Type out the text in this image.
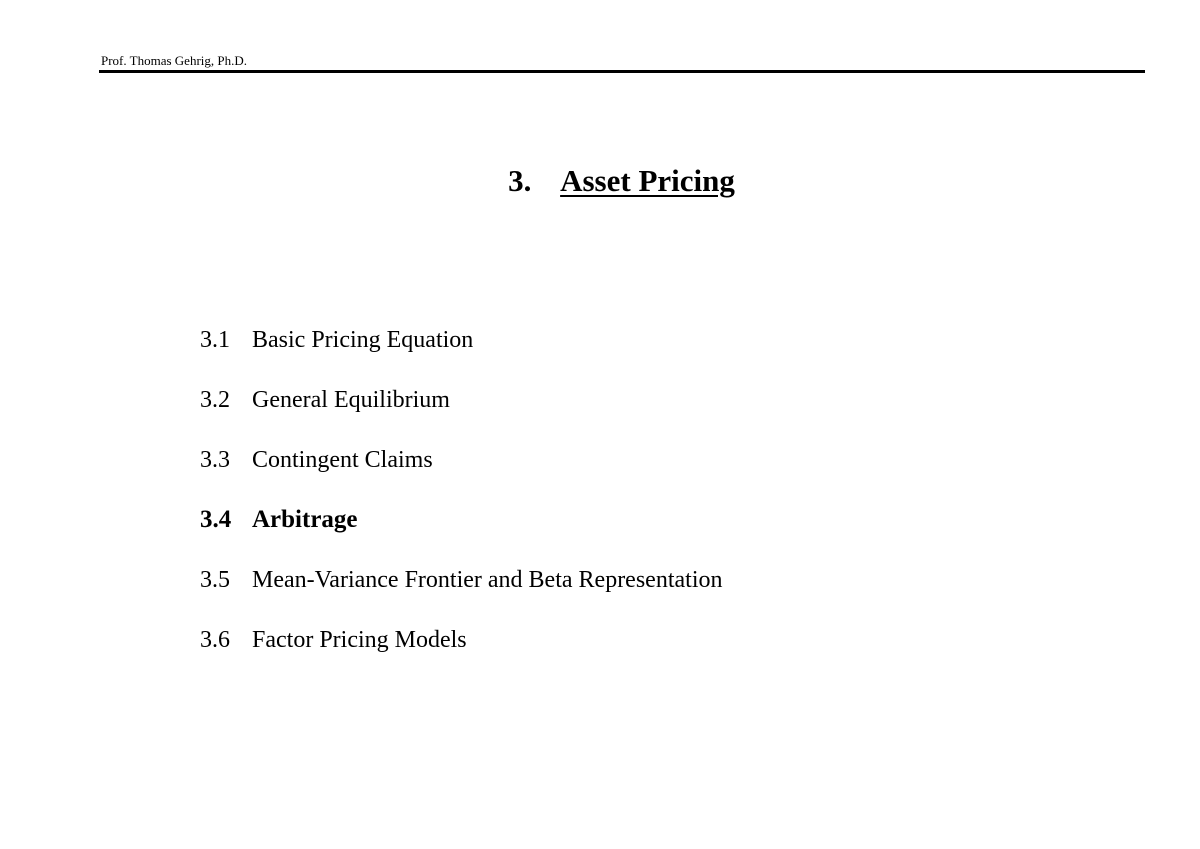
Prof. Thomas Gehrig, Ph.D.
3. Asset Pricing
3.1 Basic Pricing Equation
3.2 General Equilibrium
3.3 Contingent Claims
3.4 Arbitrage
3.5 Mean-Variance Frontier and Beta Representation
3.6 Factor Pricing Models
